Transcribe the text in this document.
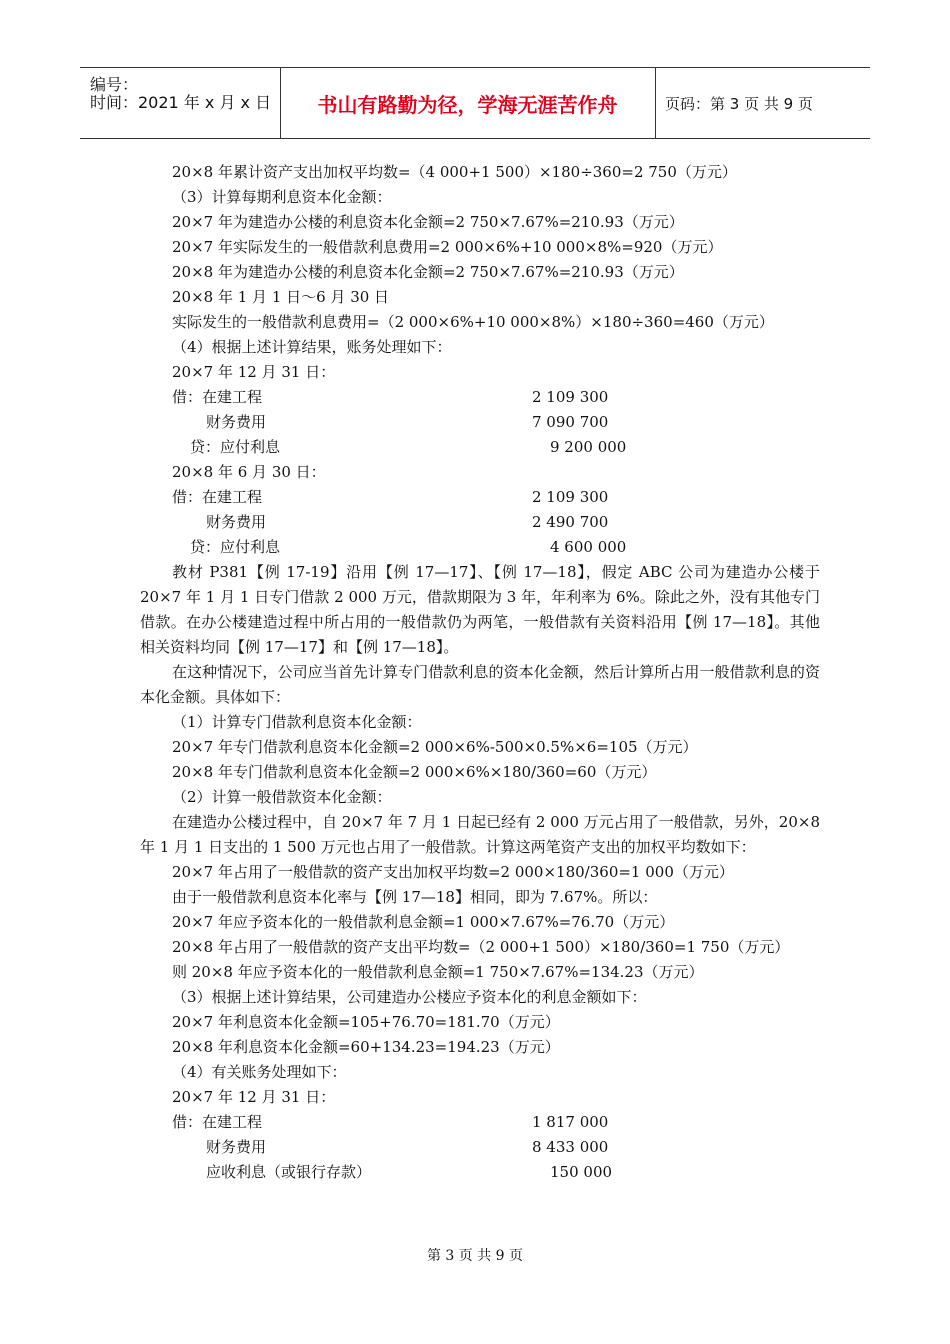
编号：
时间：2021 年 x 月 x 日	书山有路勤为径，学海无涯苦作舟	页码：第 3 页 共 9 页
20×8 年累计资产支出加权平均数=（4 000+1 500）×180÷360=2 750（万元）
（3）计算每期利息资本化金额：
20×7 年为建造办公楼的利息资本化金额=2 750×7.67%=210.93（万元）
20×7 年实际发生的一般借款利息费用=2 000×6%+10 000×8%=920（万元）
20×8 年为建造办公楼的利息资本化金额=2 750×7.67%=210.93（万元）
20×8 年 1 月 1 日～6 月 30 日
实际发生的一般借款利息费用=（2 000×6%+10 000×8%）×180÷360=460（万元）
（4）根据上述计算结果，账务处理如下：
20×7 年 12 月 31 日：
借：在建工程	2 109 300
财务费用	7 090 700
贷：应付利息	9 200 000
20×8 年 6 月 30 日：
借：在建工程	2 109 300
财务费用	2 490 700
贷：应付利息	4 600 000
教材 P381【例 17-19】沿用【例 17—17】、【例 17—18】，假定 ABC 公司为建造办公楼于 20×7 年 1 月 1 日专门借款 2 000 万元，借款期限为 3 年，年利率为 6%。除此之外，没有其他专门借款。在办公楼建造过程中所占用的一般借款仍为两笔，一般借款有关资料沿用【例 17—18】。其他相关资料均同【例 17—17】和【例 17—18】。
在这种情况下，公司应当首先计算专门借款利息的资本化金额，然后计算所占用一般借款利息的资本化金额。具体如下：
（1）计算专门借款利息资本化金额：
20×7 年专门借款利息资本化金额=2 000×6%-500×0.5%×6=105（万元）
20×8 年专门借款利息资本化金额=2 000×6%×180/360=60（万元）
（2）计算一般借款资本化金额：
在建造办公楼过程中，自 20×7 年 7 月 1 日起已经有 2 000 万元占用了一般借款，另外，20×8 年 1 月 1 日支出的 1 500 万元也占用了一般借款。计算这两笔资产支出的加权平均数如下：
20×7 年占用了一般借款的资产支出加权平均数=2 000×180/360=1 000（万元）
由于一般借款利息资本化率与【例 17—18】相同，即为 7.67%。所以：
20×7 年应予资本化的一般借款利息金额=1 000×7.67%=76.70（万元）
20×8 年占用了一般借款的资产支出平均数=（2 000+1 500）×180/360=1 750（万元）
则 20×8 年应予资本化的一般借款利息金额=1 750×7.67%=134.23（万元）
（3）根据上述计算结果，公司建造办公楼应予资本化的利息金额如下：
20×7 年利息资本化金额=105+76.70=181.70（万元）
20×8 年利息资本化金额=60+134.23=194.23（万元）
（4）有关账务处理如下：
20×7 年 12 月 31 日：
借：在建工程	1 817 000
财务费用	8 433 000
应收利息（或银行存款）	150 000
第 3 页 共 9 页
